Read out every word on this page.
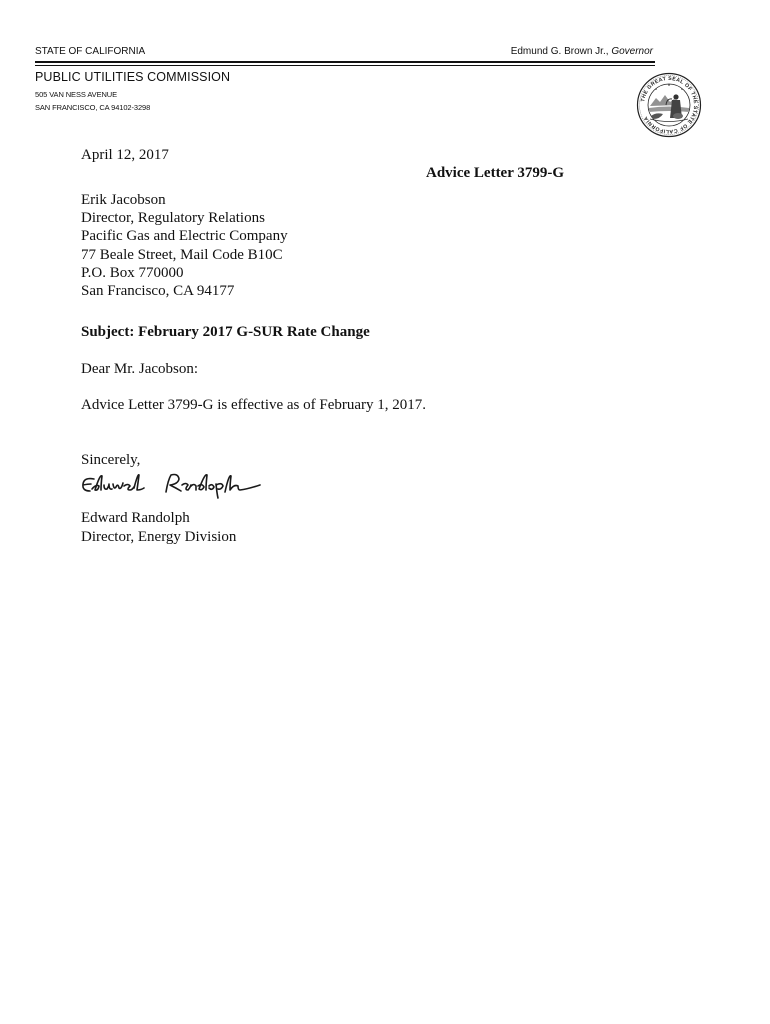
STATE OF CALIFORNIA	Edmund G. Brown Jr., Governor
PUBLIC UTILITIES COMMISSION
505 VAN NESS AVENUE
SAN FRANCISCO, CA 94102-3298
THE GREAT SEAL OF THE STATE OF CALIFORNIA
April 12, 2017
Advice Letter 3799-G
Erik Jacobson
Director, Regulatory Relations
Pacific Gas and Electric Company
77 Beale Street, Mail Code B10C
P.O. Box 770000
San Francisco, CA 94177
Subject: February 2017 G-SUR Rate Change
Dear Mr. Jacobson:
Advice Letter 3799-G is effective as of February 1, 2017.
Sincerely,
Edward Randolph
Director, Energy Division
